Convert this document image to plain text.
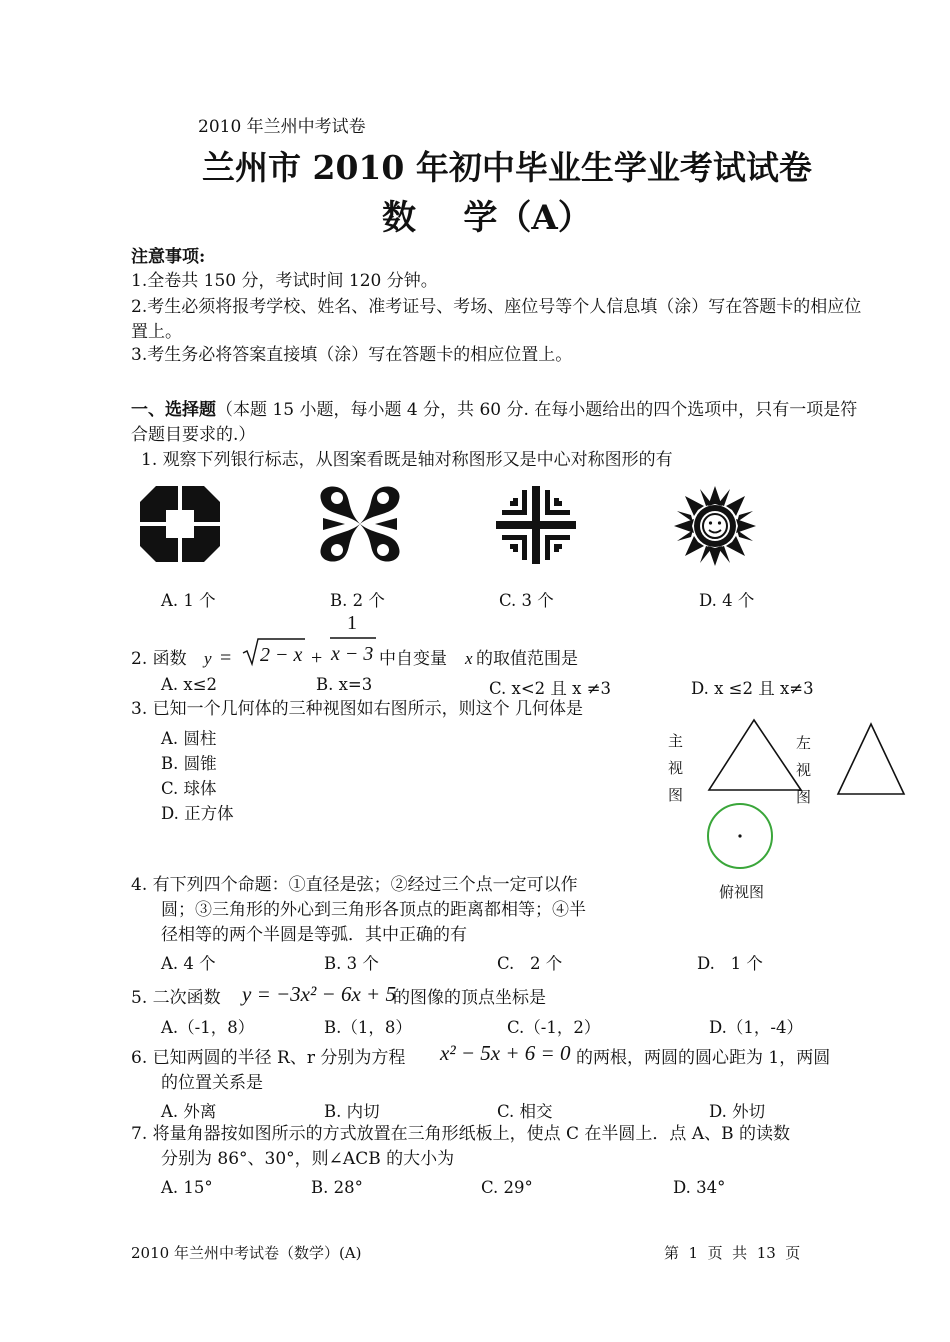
2010 年兰州中考试卷
兰州市 2010 年初中毕业生学业考试试卷
数    学（A）
注意事项:
1.全卷共 150 分，考试时间 120 分钟。
2.考生必须将报考学校、姓名、准考证号、考场、座位号等个人信息填（涂）写在答题卡的相应位置上。
3.考生务必将答案直接填（涂）写在答题卡的相应位置上。
一、选择题（本题 15 小题，每小题 4 分，共 60 分. 在每小题给出的四个选项中，只有一项是符合题目要求的.）
1. 观察下列银行标志，从图案看既是轴对称图形又是中心对称图形的有
A. 1 个	B. 2 个	C. 3 个	D. 4 个
2. 函数 y = 2 − x +
1
x − 3 中自变量 x 的取值范围是
A. x≤2	B. x=3	C. x<2 且 x ≠3	D. x ≤2 且 x≠3
3. 已知一个几何体的三种视图如右图所示，则这个 几何体是
A. 圆柱
B. 圆锥
C. 球体
D. 正方体
主视图
左视图
俯视图
4. 有下列四个命题：①直径是弦；②经过三个点一定可以作
圆；③三角形的外心到三角形各顶点的距离都相等；④半
径相等的两个半圆是等弧．其中正确的有
A. 4 个	B. 3 个	C.   2 个	D.   1 个
5. 二次函数 y = −3x² − 6x + 5
的图像的顶点坐标是
A.（-1，8）	B.（1，8）	C.（-1，2）	D.（1，-4）
6. 已知两圆的半径 R、r 分别为方程 x² − 5x + 6 = 0 的两根，两圆的圆心距为 1，两圆
的位置关系是
A. 外离	B. 内切	C. 相交	D. 外切
7. 将量角器按如图所示的方式放置在三角形纸板上，使点 C 在半圆上．点 A、B 的读数
分别为 86°、30°，则∠ACB 的大小为
A. 15°	B. 28°	C. 29°	D. 34°
2010 年兰州中考试卷（数学）(A)	第  1  页  共  13  页
